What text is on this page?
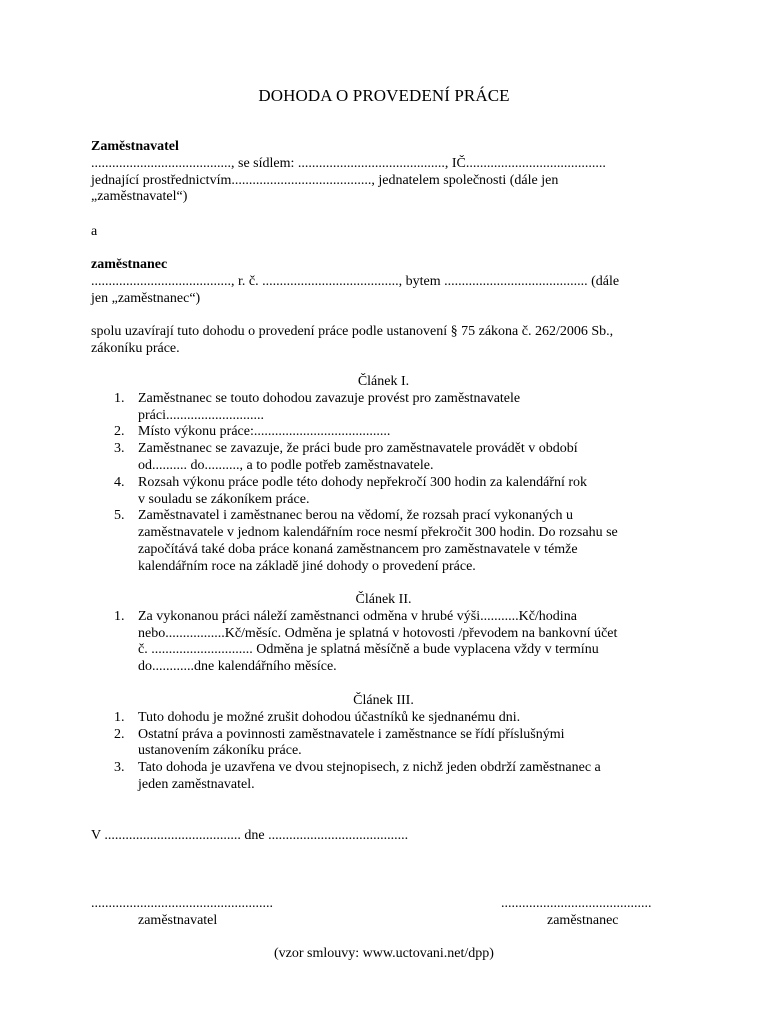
DOHODA O PROVEDENÍ PRÁCE
Zaměstnavatel
........................................, se sídlem: .........................................., IČ........................................
jednající prostřednictvím........................................, jednatelem společnosti (dále jen
„zaměstnavatel“)
a
zaměstnanec
........................................, r. č. ......................................., bytem ......................................... (dále
jen „zaměstnanec“)
spolu uzavírají tuto dohodu o provedení práce podle ustanovení § 75 zákona č. 262/2006 Sb.,
zákoníku práce.
Článek I.
1. Zaměstnanec se touto dohodou zavazuje provést pro zaměstnavatele
práci............................
2. Místo výkonu práce:.......................................
3. Zaměstnanec se zavazuje, že práci bude pro zaměstnavatele provádět v období
od.......... do.........., a to podle potřeb zaměstnavatele.
4. Rozsah výkonu práce podle této dohody nepřekročí 300 hodin za kalendářní rok
v souladu se zákoníkem práce.
5. Zaměstnavatel i zaměstnanec berou na vědomí, že rozsah prací vykonaných u
zaměstnavatele v jednom kalendářním roce nesmí překročit 300 hodin. Do rozsahu se
započítává také doba práce konaná zaměstnancem pro zaměstnavatele v témže
kalendářním roce na základě jiné dohody o provedení práce.
Článek II.
1. Za vykonanou práci náleží zaměstnanci odměna v hrubé výši...........Kč/hodina
nebo.................Kč/měsíc. Odměna je splatná v hotovosti /převodem na bankovní účet
č. ............................. Odměna je splatná měsíčně a bude vyplacena vždy v termínu
do............dne kalendářního měsíce.
Článek III.
1. Tuto dohodu je možné zrušit dohodou účastníků ke sjednanému dni.
2. Ostatní práva a povinnosti zaměstnavatele i zaměstnance se řídí příslušnými
ustanovením zákoníku práce.
3. Tato dohoda je uzavřena ve dvou stejnopisech, z nichž jeden obdrží zaměstnanec a
jeden zaměstnavatel.
V ....................................... dne ........................................
....................................................
zaměstnavatel
...........................................
zaměstnanec
(vzor smlouvy: www.uctovani.net/dpp)
